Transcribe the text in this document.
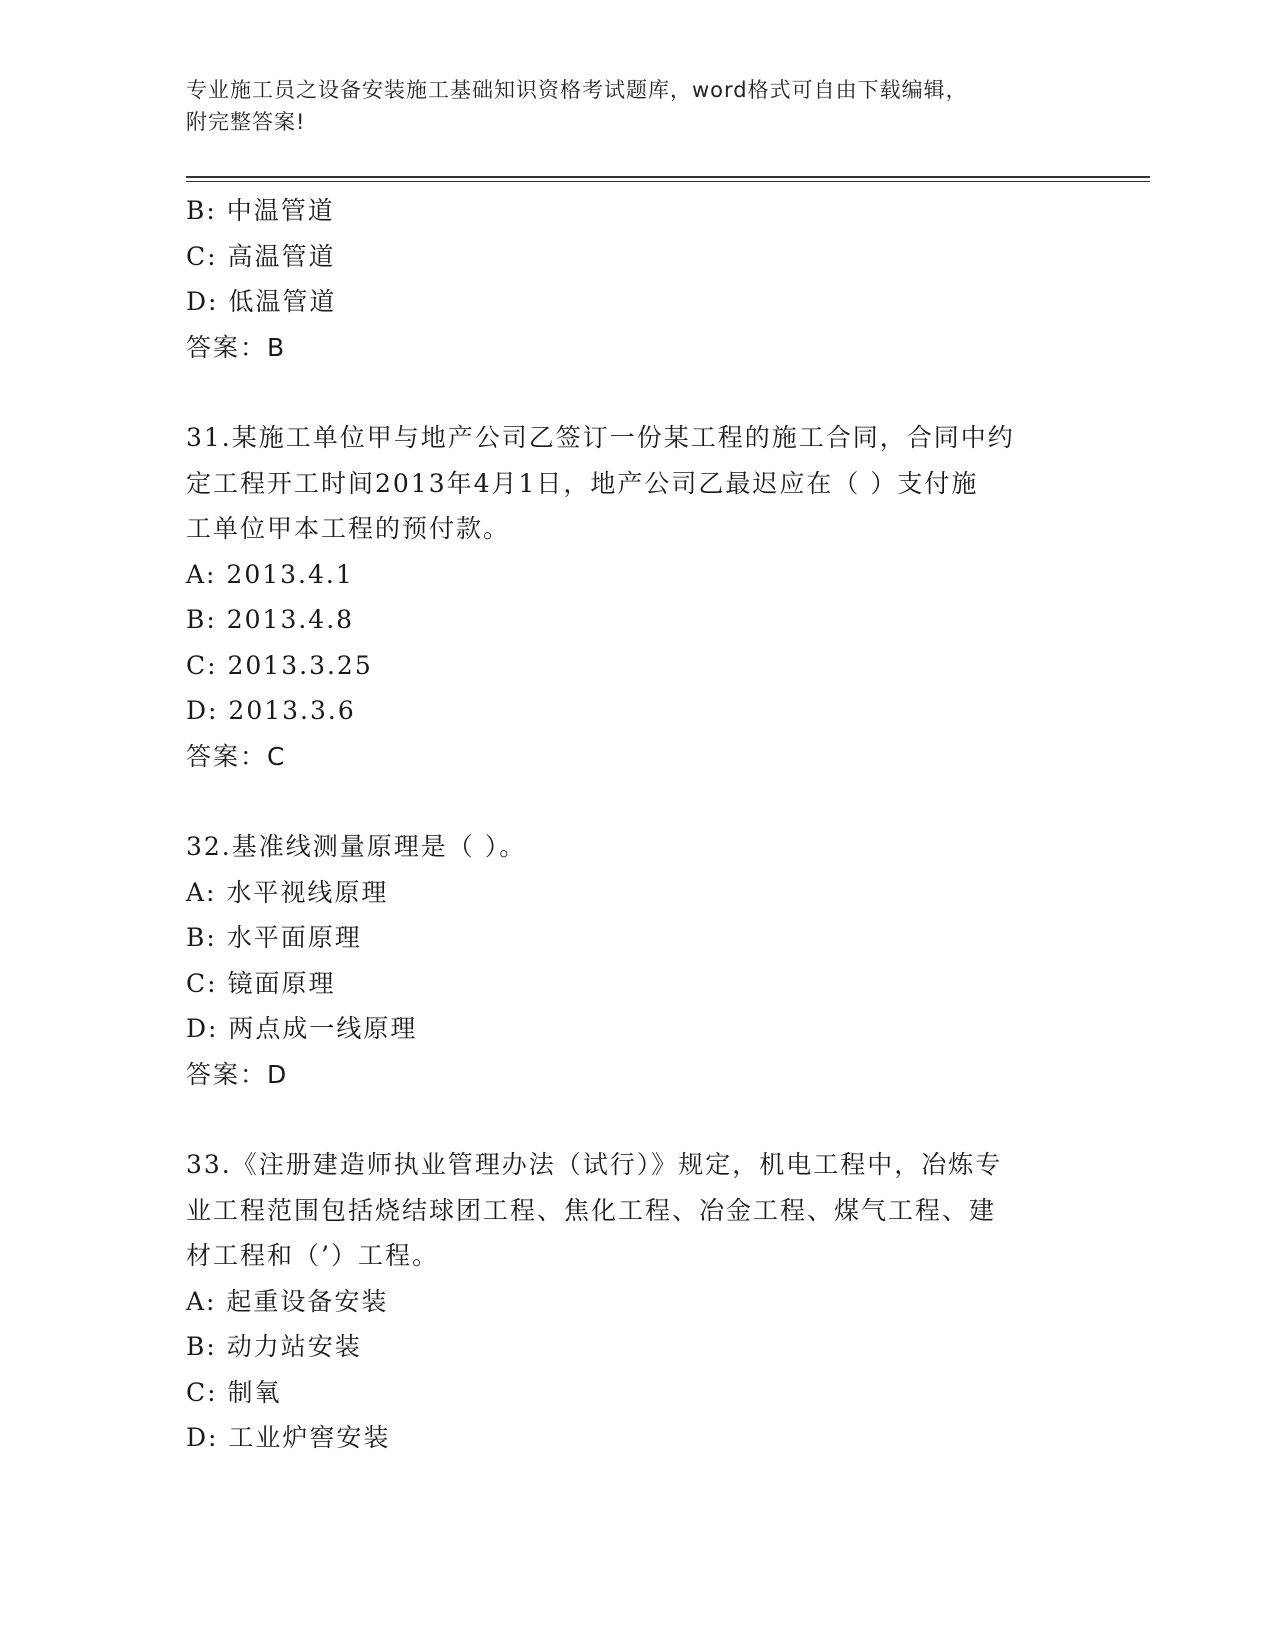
专业施工员之设备安装施工基础知识资格考试题库，word格式可自由下载编辑，
附完整答案!
B: 中温管道
C: 高温管道
D: 低温管道
答案：B
31.某施工单位甲与地产公司乙签订一份某工程的施工合同，合同中约
定工程开工时间2013年4月1日，地产公司乙最迟应在（ ）支付施
工单位甲本工程的预付款。
A: 2013.4.1
B: 2013.4.8
C: 2013.3.25
D: 2013.3.6
答案：C
32.基准线测量原理是（ ）。
A: 水平视线原理
B: 水平面原理
C: 镜面原理
D: 两点成一线原理
答案：D
33.《注册建造师执业管理办法（试行）》规定，机电工程中，冶炼专
业工程范围包括烧结球团工程、焦化工程、冶金工程、煤气工程、建
材工程和（’）工程。
A: 起重设备安装
B: 动力站安装
C: 制氧
D: 工业炉窖安装
